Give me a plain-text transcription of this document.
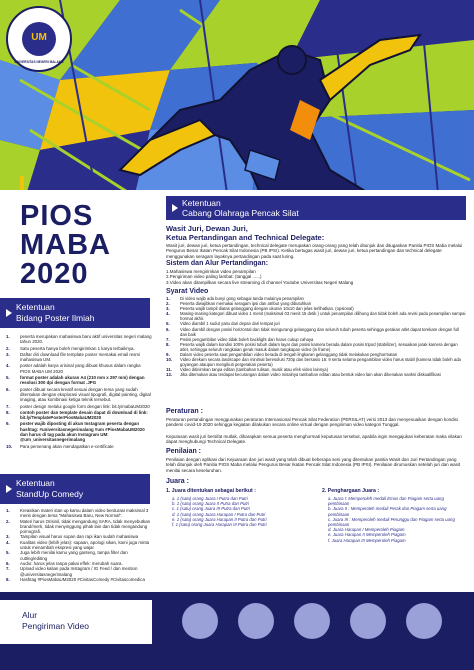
UM
UNIVERSITAS NEGERI MALANG
PIOS
MABA
2020
Ketentuan
Bidang Poster Ilmiah
1.	peserta merupakan mahasiswa baru aktif universitas negeri malang tahun 2020.
2.	Satu peserta hanya boleh mengirimkan 1 karya terbaiknya.
3.	Daftar diri download file template poster memakai email resmi mahasiswa UM.
4.	poster adalah karya orisinal yang dibuat khusus dalam rangka PIOS MABA UM 2020
5.	format poster adalah ukuran A4 (210 mm x 297 mm) dengan resolusi 300 dpi dengan format .JPG
6.	poster dibuat secara kreatif sesuai dengan tema yang sudah ditentukan dengan eksplorasi visual tipografi, digital painting, digital imaging, atau kombinasi ketiga teknik tersebut.
7.	poster design melalui google form dengan link: bit.ly/mabaUM2020
8.	contoh poster dan template desain dapat di download di link: bit.ly/TemplatePosterPiosMabaUM2020
9.	poster wajib diposting di akun Instagram peserta dengan hashtag: #universitasnegerimalang #um #PiosMabaUM2020 dan harus di tag pada akun Instagram UM: @um_universitasnegerimalang
10.	Para pemenang akan mendapatkan e-certificate
Ketentuan
StandUp Comedy
1.	Kreasikan materi stan up kamu dalam video berdurasi maksimal 3 menit dengan tema "Mahasiswa Baru, New Normal".
2.	Materi harus Orisinil, tidak mengandung SARA, tidak menyebutkan brand/merk, tidak menyinggung pihak lain dan tidak mengandung pornografi.
3.	Tampilan visual harus sopan dan rapi ikan sudah mahasiswa
4.	Kualitas video (lebih jelas): sapaan, apologi sikan, kami juga minta untuk menambah ekspresi yang wajar
5.	Juga lebih menilai kamu yang ganteng, tampa filter dan cutting/editing
6.	Audio: harus jelas tanpa pakai effek: merubah suara.
7.	Upload video kalian pada Instagram / IG Feed / dan mention @universitasnegerimalang
8.	Hashtag #PiosMabaUM2020 #CivitasComedy #Civitascomedica
Ketentuan
Cabang Olahraga Pencak Silat
Wasit Juri, Dewan Juri,
Ketua Pertandingan and Technical Delegate:
Wasit juri, dewan juri, ketua pertandingan, technical delegate merupakan orang-orang yang telah ditunjuk dan ditugaskan Panitia PIOS Maba melalui Pengurus Besar Ikatan Pencak Silat Indonesia (PB IPSI). Ketika bertugas wasit juri, dewan juri, ketua pertandingan dan technical delegate menggunakan seragam layaknya pertandingan pada saat luring.
Sistem dan Alur Pertandingan:
1.Mahasiswa mengirimkan video penampilan
2.Pengiriman video paling lambat: (tanggal ......)
3.Video akan ditampilkan secara live streaming di channel Youtube Universitas Negeri Malang
Syarat Video
1.	Di video wajib ada bunyi gong sebagai tanda mulainya penampilan
2.	Peserta diwajibkan memakai seragam ipsi dan atribut yang dibutuhkan
3.	Peserta wajib tampil diatas gelanggang dengan ukuran 10x10 dan jelas terlihatkan. (opsional)
4.	Masing-masing kategori dibuat video 1 menit (maksimal 03 menit 15 detik ) untuk penampilan dilihung dan tidak boleh ada revisi pada penampilan sampai hormat akhir.
5.	Video diambil 1 sudut yaitu dari depan dari tempat juri
6.	Video diambil dengan posisi horizontal dan tidak mengurangi gelanggang dan seluruh tubuh peserta sehingga gerakan atlet dapat terekam dengan full dan baik
7.	Posisi pengambilan video tidak boleh backlight dan harus cukup cahaya
8.	Peserta wajib dalam kondisi 100% posisi tubuh dalam layar dan posisi kamera berada dalam posisi tripod (stabilizer), sesuaikan jarak kamera dengan atlet, sehingga seluruh rangkaian gerak masuk dalam tangkapan video (in frame)
9.	Dalam video peserta saat pengambilan video berada di tengah lingkaran gelanggang tidak melakukan penghormatan
10.	Video direkam secara landscape dan minimal beresolusi 720p dan bersasio 16: 9 serta selama pengambilan video harus stabil (kamera tidak boleh ada goyangan ataupun mengikuti pergerakan peserta)
11.	Video ditinimkan tanpa editan (tambahan tulisan, musik atau efek video lainnya)
12.	Jika ditemukan atau terdapat kecurangan dalam video misalnya tambahan editan atau bentuk video lain akan dikenakan sanksi diskualifikasi
Peraturan :
Peraturan pertandingan menggunakan peraturan Internasional Pencak Silat Federation (PERSILAT) versi 2013 dan menyesuaikan dengan kondisi pandemi covid-19 2020 sehingga kegiatan dilakukan secara online virtual dengan pengiriman video kategori Tunggal.
Keputusan wasit juri bersifat mutlak, diharapkan semua peserta menghormati keputusan tersebut, apabila ingin mengajukan keberatan maka silakan dapat menghubungi Technical Delegate.
Penilaian :
Penilaian dengan aplikasi dari Kejuaraan dan juri wasit yang telah dibuat beberapa seni yang ditentukan panitia Wasit dan Juri Pertandingan yang telah ditunjuk oleh Panitia PIOS Maba melalui Pengurus Besar Ikatan Pencak Silat Indonesia (PB IPSI). Penilaian dirumuskan setelah juri dan wasit menilai secara keseluruhan.
Juara :
1. Juara ditentukan sebagai berikut :
a. 1 (satu) orang Juara I Putra dan Putri
b. 1 (satu) orang Juara II Putra dan Putri
c. 1 (satu) orang Juara III Putra dan Putri
d. 1 (satu) orang Juara Harapan I Putra dan Putri
e. 1 (satu) orang Juara Harapan II Putra dan Putri
f. 1 (satu) orang Juara Harapan III Putra dan Putri
2. Penghargaan Juara :
a. Juara I: Memperoleh medali Emas dan Piagam serta uang pembinaan
b. Juara II : Memperoleh medali Perak dan Piagam serta uang pembinaan
c. Juara III : Memperoleh medali Perunggu dan Piagam serta uang pembinaan
d. Juara Harapan I Memperoleh Piagam
e. Juara Harapan II Memperoleh Piagam
f. Juara Harapan III Memperoleh Piagam
Alur
Pengiriman Video
